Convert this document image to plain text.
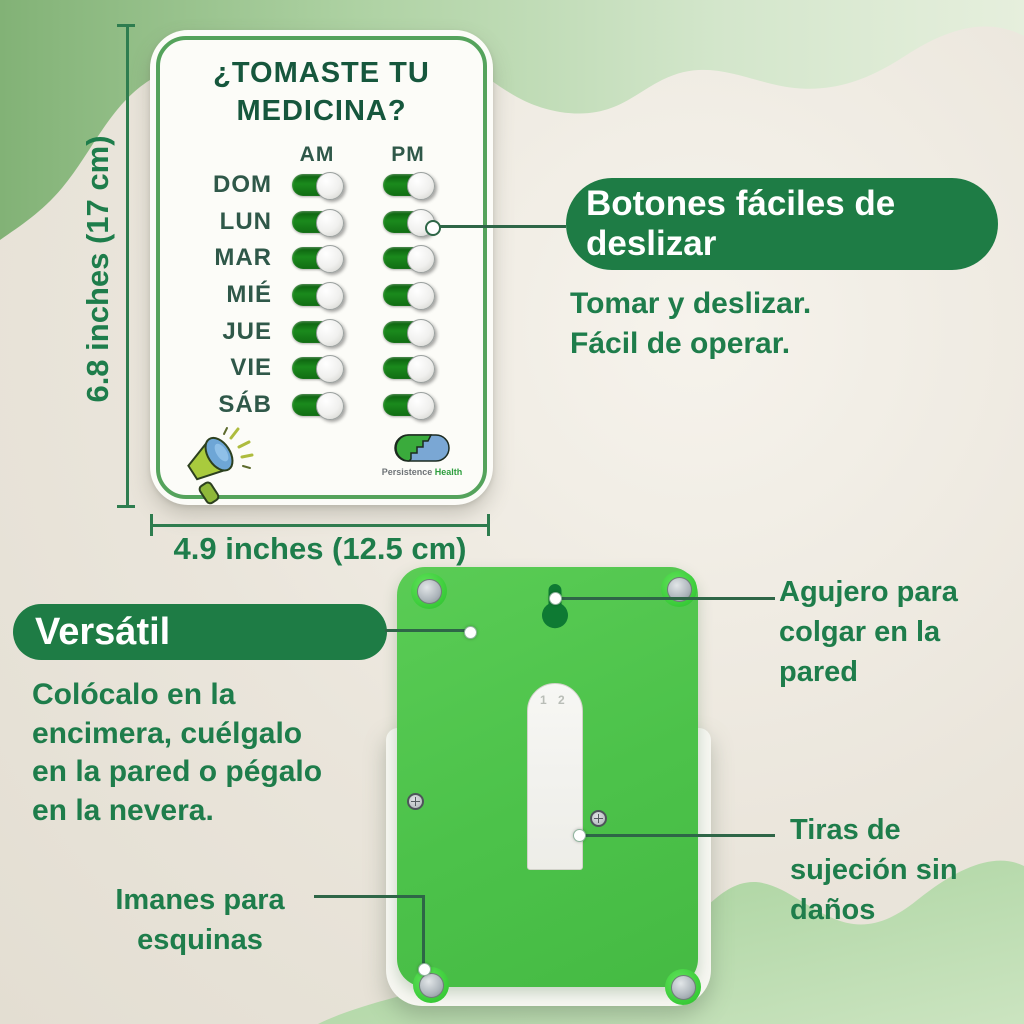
¿TOMASTE TU
MEDICINA?
AM	PM
DOM
LUN
MAR
MIÉ
JUE
VIE
SÁB
Persistence Health
6.8 inches (17 cm)
4.9 inches (12.5 cm)
Botones fáciles de
deslizar
Tomar y deslizar.
Fácil de operar.
1 2
Versátil
Colócalo en la
encimera, cuélgalo
en la pared o pégalo
en la nevera.
Agujero para
colgar en la
pared
Tiras de
sujeción sin
daños
Imanes para
esquinas
